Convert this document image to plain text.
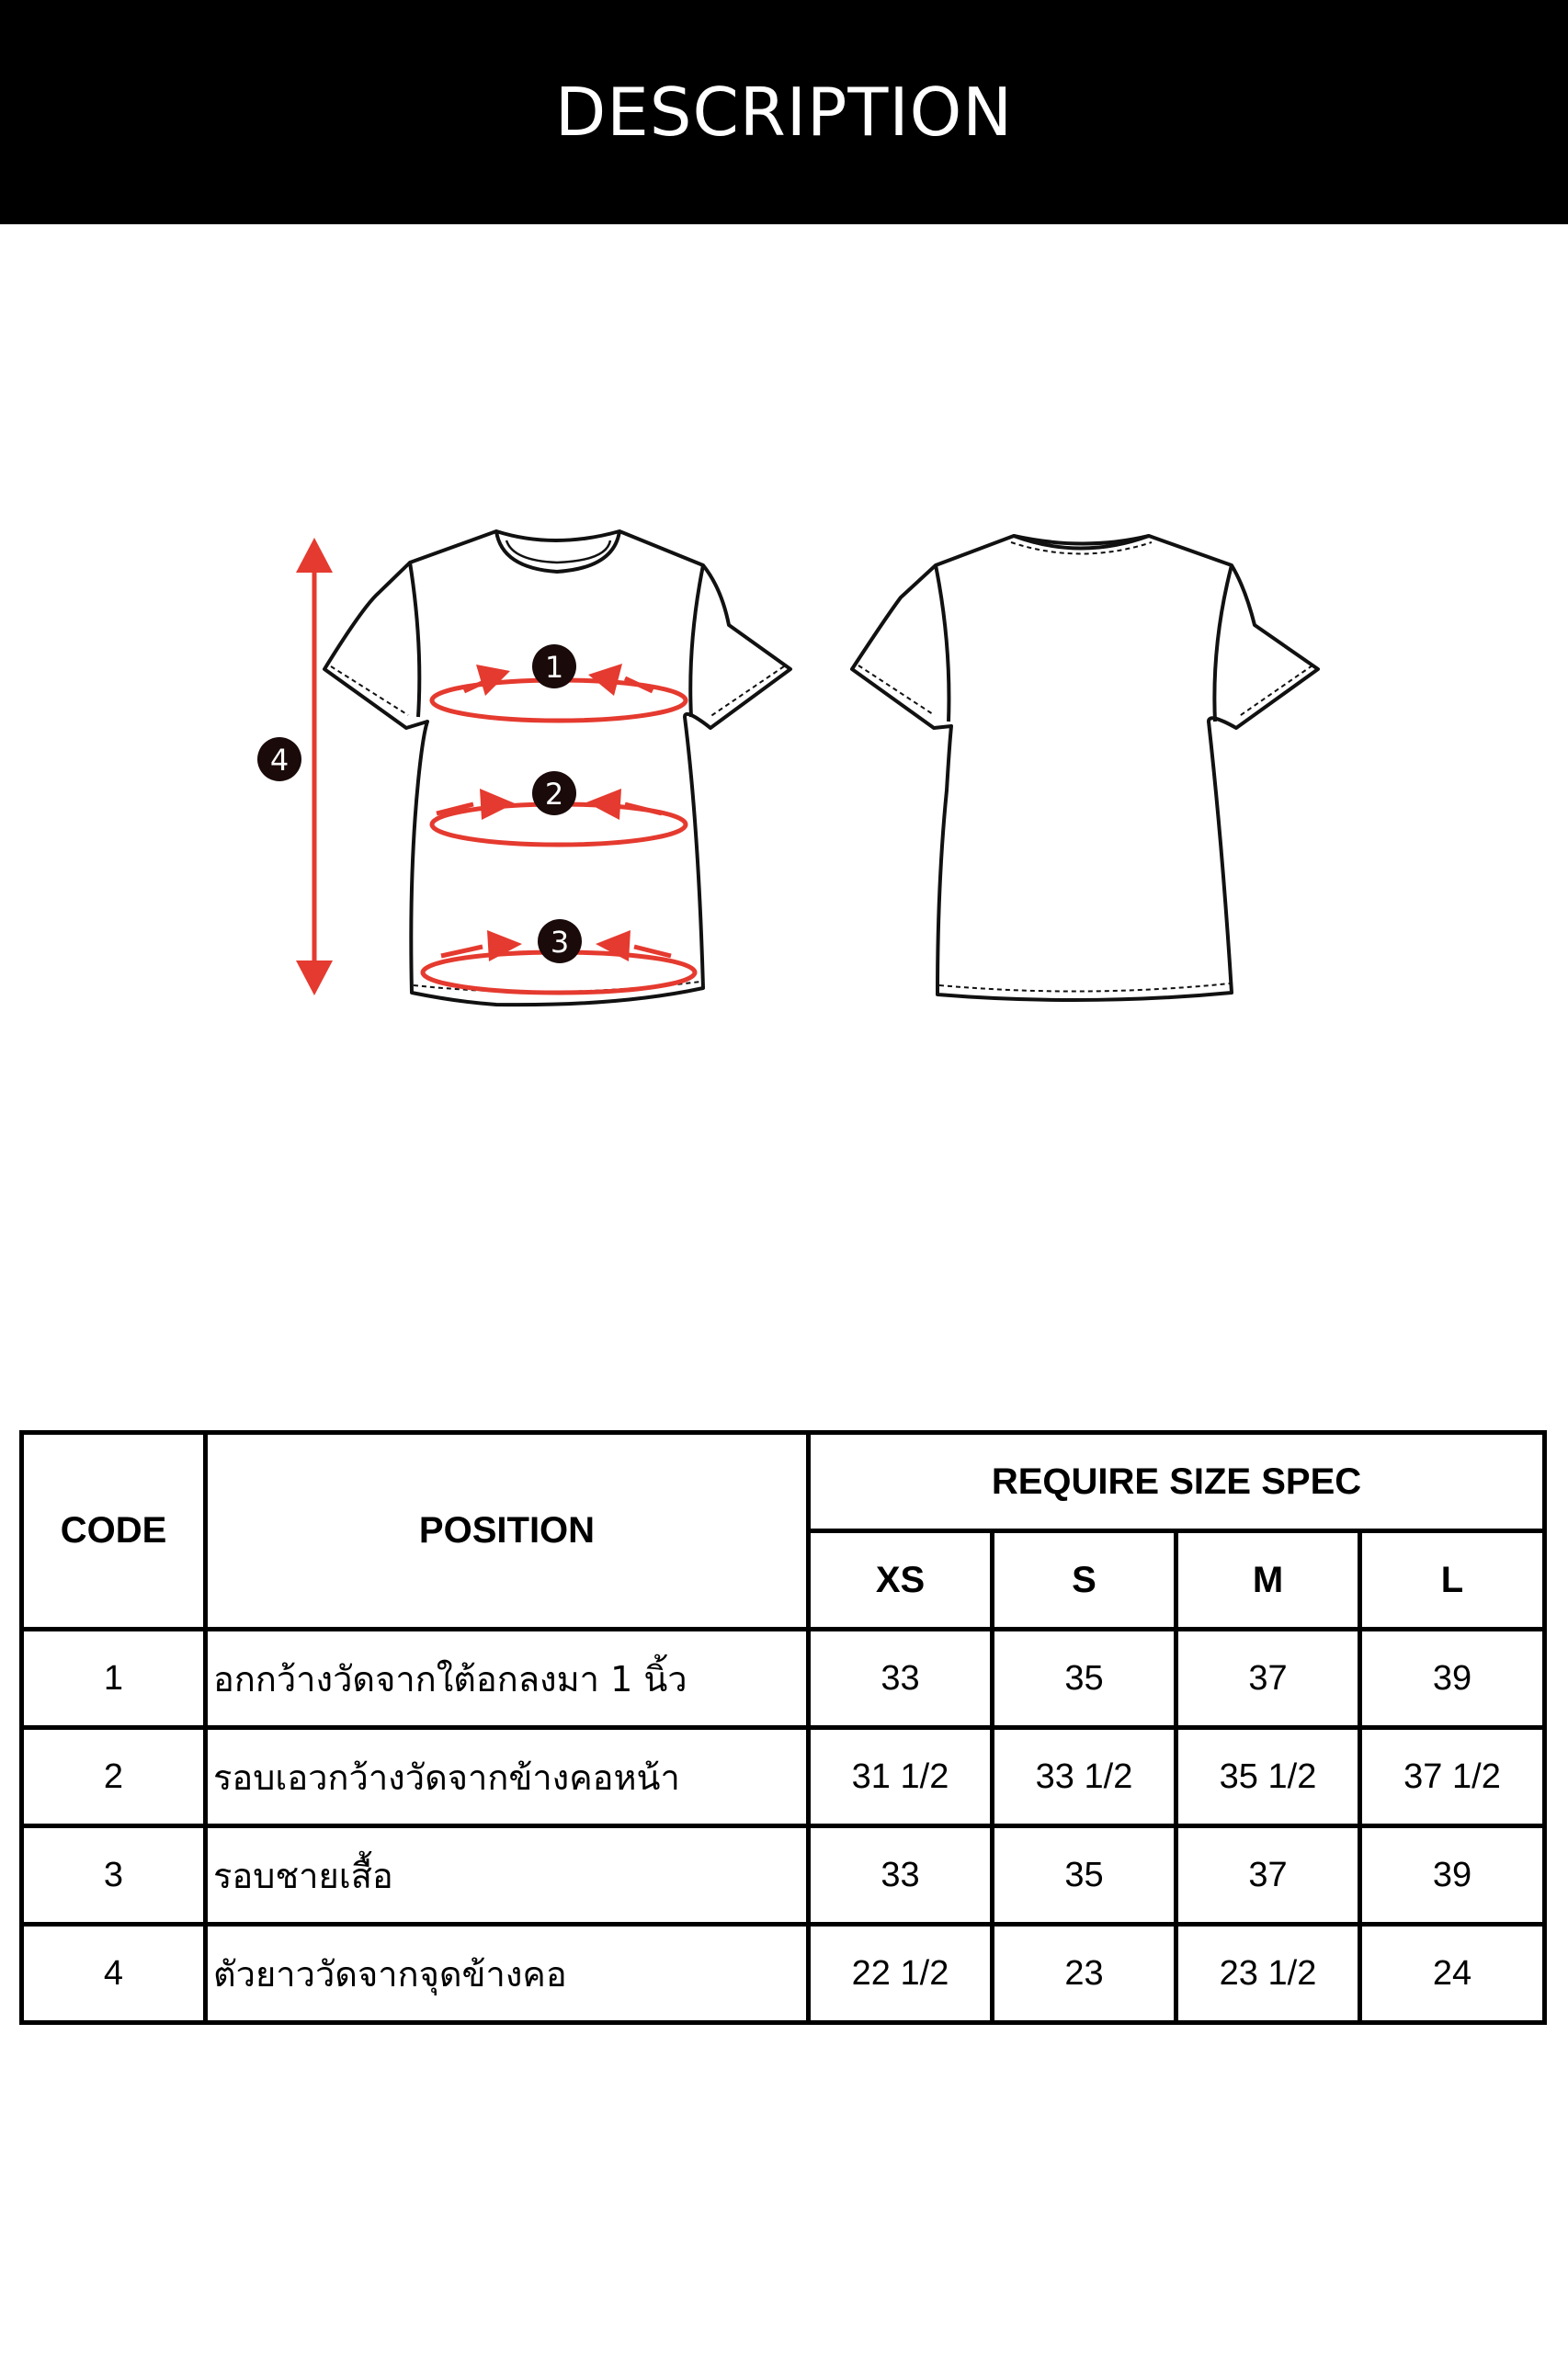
DESCRIPTION
1
2
3
4
CODE	POSITION	REQUIRE SIZE SPEC			
		XS	S	M	L
1	อกกว้างวัดจากใต้อกลงมา 1 นิ้ว	33	35	37	39
2	รอบเอวกว้างวัดจากข้างคอหน้า	31 1/2	33 1/2	35 1/2	37 1/2
3	รอบชายเสื้อ	33	35	37	39
4	ตัวยาววัดจากจุดข้างคอ	22 1/2	23	23 1/2	24
